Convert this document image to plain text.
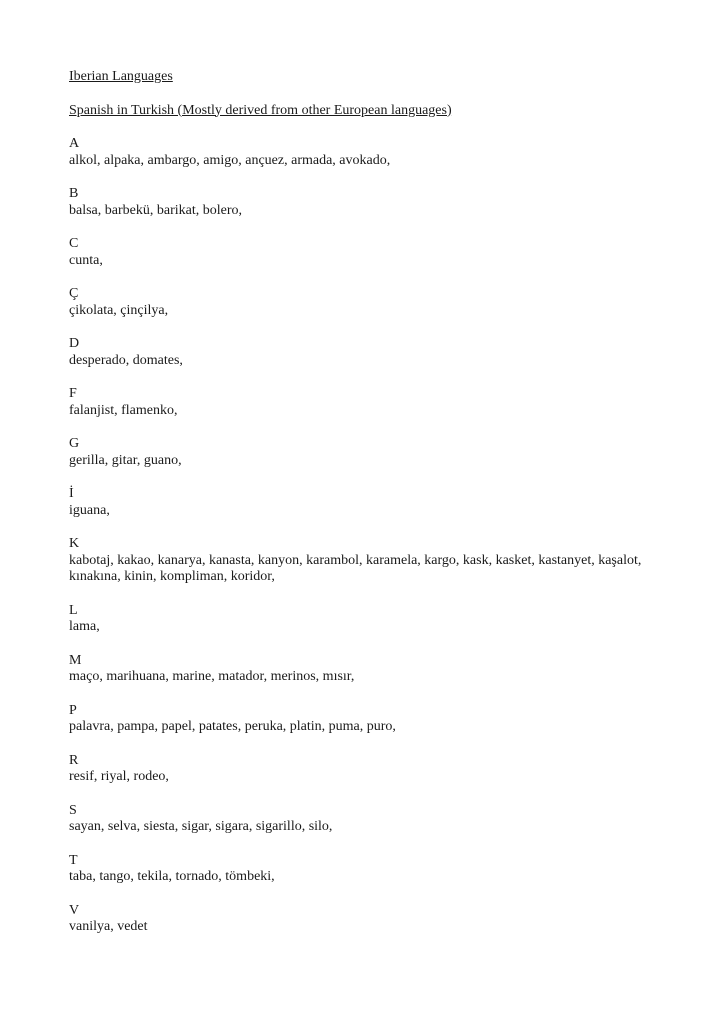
Iberian Languages
Spanish in Turkish (Mostly derived from other European languages)
A
alkol, alpaka, ambargo, amigo, ançuez, armada, avokado,
B
balsa, barbekü, barikat, bolero,
C
cunta,
Ç
çikolata, çinçilya,
D
desperado, domates,
F
falanjist, flamenko,
G
gerilla, gitar, guano,
İ
iguana,
K
kabotaj, kakao, kanarya, kanasta, kanyon, karambol, karamela, kargo, kask, kasket, kastanyet, kaşalot, kınakına, kinin, kompliman, koridor,
L
lama,
M
maço, marihuana, marine, matador, merinos, mısır,
P
palavra, pampa, papel, patates, peruka, platin, puma, puro,
R
resif, riyal, rodeo,
S
sayan, selva, siesta, sigar, sigara, sigarillo, silo,
T
taba, tango, tekila, tornado, tömbeki,
V
vanilya, vedet
